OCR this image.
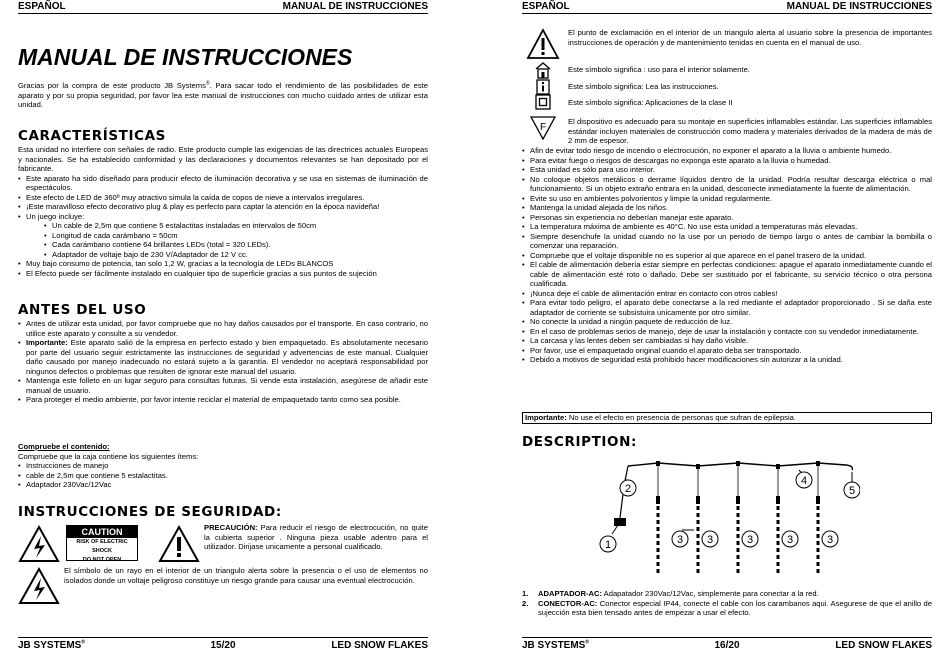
ESPAÑOL	MANUAL DE INSTRUCCIONES
MANUAL DE INSTRUCCIONES

Gracias por la compra de este producto JB Systems®. Para sacar todo el rendimiento de las posibilidades de este aparato y por su propia seguridad, por favor lea este manual de instrucciones con mucho cuidado antes de utilizar esta unidad.

CARACTERÍSTICAS

Esta unidad no interfiere con señales de radio. Este producto cumple las exigencias de las directrices actuales Europeas y nacionales. Se ha establecido conformidad y las declaraciones y documentos relevantes se han depositado por el fabricante.

• Este aparato ha sido diseñado para producir efecto de iluminación decorativa y se usa en sistemas de iluminación de espectáculos.
• Este efecto de LED de 360º muy atractivo simula la caída de copos de nieve a intervalos irregulares.
• ¡Este maravilloso efecto decorativo plug & play es perfecto para captar la atención en la época navideña!
• Un juego incluye:
• Un cable de 2,5m que contiene 5 estalactitas instaladas en intervalos de 50cm
• Longitud de cada carámbano = 50cm
• Cada carámbano contiene 64 brillantes LEDs (total = 320 LEDs).
• Adaptador de voltaje bajo de 230 V/Adaptador de 12 V cc.
• Muy bajo consumo de potencia, tan solo 1,2 W, gracias a la tecnología de LEDs BLANCOS
• El Efecto puede ser fácilmente instalado en cualquier tipo de superficie gracias a sus puntos de sujeción
ANTES DEL USO
• Antes de utilizar esta unidad, por favor compruebe que no hay daños causados por el transporte. En caso contrario, no utilice este aparato y consulte a su vendedor.
• Importante: Este aparato salió de la empresa en perfecto estado y bien empaquetado. Es absolutamente necesario por parte del usuario seguir estrictamente las instrucciones de seguridad y advertencias de este manual. Cualquier daño causado por manejo inadecuado no estará sujeto a la garantía. El vendedor no aceptará responsabilidad por ningunos defectos o problemas que resulten de ignorar este manual del usuario.
• Mantenga este folleto en un lugar seguro para consultas futuras. Si vende esta instalación, asegúrese de añadir este manual de usuario.
• Para proteger el medio ambiente, por favor intente reciclar el material de empaquetado tanto como sea posible.
Compruebe el contenido:
Compruebe que la caja contiene los siguientes ítems:
• Instrucciones de manejo
• cable de 2,5m que contiene 5 estalactitas.
• Adaptador 230Vac/12Vac
INSTRUCCIONES DE SEGURIDAD:
CAUTION
RISK OF ELECTRIC SHOCK
DO NOT OPEN

PRECAUCIÓN: Para reducir el riesgo de electrocución, no quite la cubierta superior . Ninguna pieza usable adentro para el utilizador. Dirijase unicamente a personal cualificado.

El símbolo de un rayo en el interior de un triangulo alerta sobre la presencia o el uso de elementos no isolados donde un voltaje peligroso constituye un riesgo grande para causar una eventual electrocución.

JB SYSTEMS®	15/20	LED SNOW FLAKES
ESPAÑOL	MANUAL DE INSTRUCCIONES

El punto de exclamación en el interior de un triangulo alerta al usuario sobre la presencia de importantes instrucciones de operación y de mantenimiento tenidas en cuenta en el manual de uso.

Este símbolo significa : uso para el interior solamente.

Este símbolo significa: Lea las instrucciones.

Este símbolo significa: Aplicaciones de la clase II

F

El dispositivo es adecuado para su montaje en superficies inflamables estándar. Las superficies inflamables estándar incluyen materiales de construcción como madera y materiales derivados de la madera de más de 2 mm de espesor.

• Afin de evitar todo riesgo de incendio o electrocución, no exponer el aparato a la lluvia o ambiente humedo.
• Para evitar fuego o riesgos de descargas no exponga este aparato a la lluvia o humedad.
• Esta unidad es sólo para uso interior.
• No coloque objetos metálicos o derrame líquidos dentro de la unidad. Podría resultar descarga eléctrica o mal funcionamiento. Si un objeto extraño entrara en la unidad, desconecte inmediatamente la fuente de alimentación.
• Evite su uso en ambientes polvorientos y limpie la unidad regularmente.
• Mantenga la unidad alejada de los niños.
• Personas sin experiencia no deberían manejar este aparato.
• La temperatura máxima de ambiente es 40°C. No use esta unidad a temperaturas más elevadas.
• Siempre desenchufe la unidad cuando no la use por un periodo de tiempo largo o antes de cambiar la bombilla o comenzar una reparación.
• Compruebe que el voltaje disponible no es superior al que aparece en el panel trasero de la unidad.
• El cable de alimentación debería estar siempre en perfectas condiciones: apague el aparato inmediatamente cuando el cable de alimentación esté roto o dañado. Debe ser sustituido por el fabricante, su servicio técnico o otra persona cualificada.
• ¡Nunca deje el cable de alimentación entrar en contacto con otros cables!
• Para evitar todo peligro, el aparato debe conectarse a la red mediante el adaptador proporcionado . Si se daña este adaptador de corriente se subsistuira unicamente por otro similar.
• No conecte la unidad a ningún paquete de reducción de luz.
• En el caso de problemas serios de manejo, deje de usar la instalación y contacte con su vendedor inmediatamente.
• La carcasa y las lentes deben ser cambiadas si hay daño visible.
• Por favor, use el empaquetado original cuando el aparato deba ser transportado.
• Debido a motivos de seguridad está prohibido hacer modificaciones sin autorizar a la unidad.
Importante: No use el efecto en presencia de personas que sufran de epilepsia.
DESCRIPTION:
1
2
3 3	3	3	3
4
5
1. ADAPTADOR-AC: Adapatador 230Vac/12Vac, simplemente para conectar a la red.
2. CONECTOR-AC: Conector especial IP44, conecte el cable con los carambanos aqui. Asegurese de que el anillo de sujección esta bien tensado antes de empezar a usar el efecto.
JB SYSTEMS®	16/20	LED SNOW FLAKES
